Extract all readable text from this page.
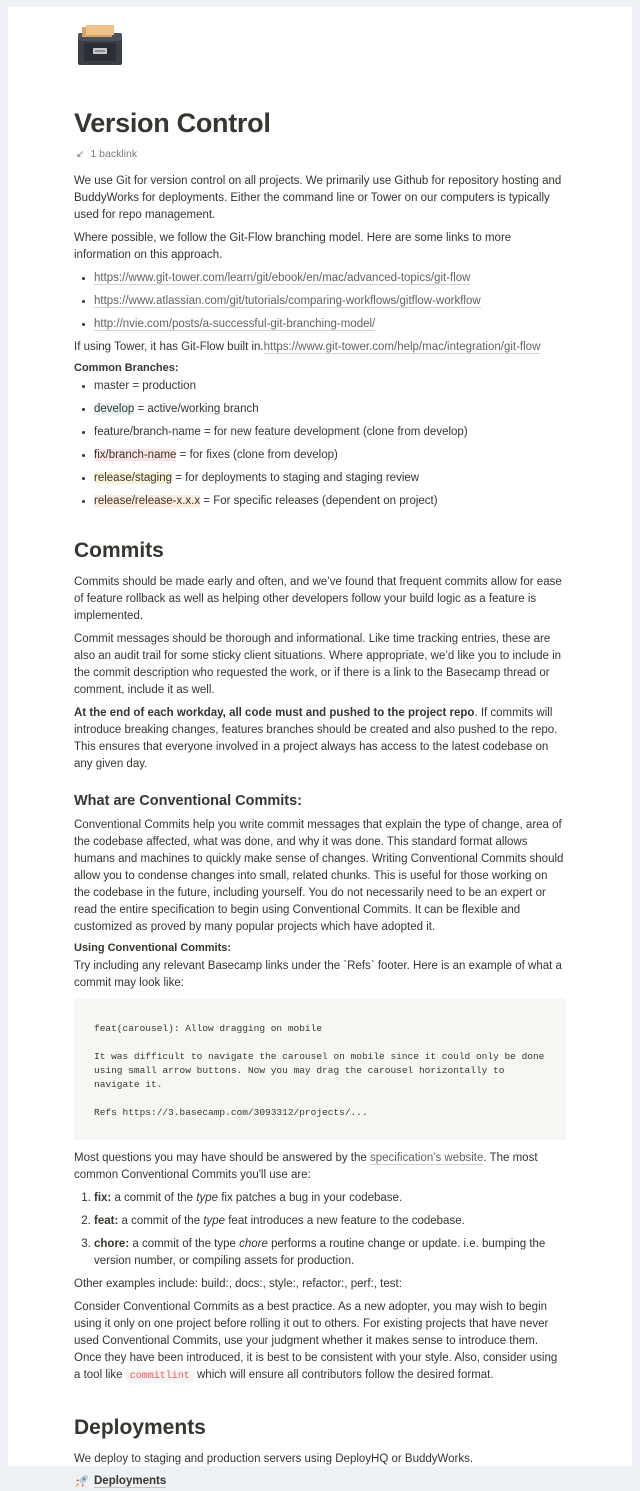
Version Control
↙ 1 backlink

We use Git for version control on all projects. We primarily use Github for repository hosting and BuddyWorks for deployments. Either the command line or Tower on our computers is typically used for repo management.

Where possible, we follow the Git-Flow branching model. Here are some links to more information on this approach.

• https://www.git-tower.com/learn/git/ebook/en/mac/advanced-topics/git-flow
• https://www.atlassian.com/git/tutorials/comparing-workflows/gitflow-workflow
• http://nvie.com/posts/a-successful-git-branching-model/

If using Tower, it has Git-Flow built in.https://www.git-tower.com/help/mac/integration/git-flow

Common Branches:
• master = production
• develop = active/working branch
• feature/branch-name = for new feature development (clone from develop)
• fix/branch-name = for fixes (clone from develop)
• release/staging = for deployments to staging and staging review
• release/release-x.x.x = For specific releases (dependent on project)
Commits

Commits should be made early and often, and we’ve found that frequent commits allow for ease of feature rollback as well as helping other developers follow your build logic as a feature is implemented.

Commit messages should be thorough and informational. Like time tracking entries, these are also an audit trail for some sticky client situations. Where appropriate, we’d like you to include in the commit description who requested the work, or if there is a link to the Basecamp thread or comment, include it as well.

At the end of each workday, all code must and pushed to the project repo. If commits will introduce breaking changes, features branches should be created and also pushed to the repo. This ensures that everyone involved in a project always has access to the latest codebase on any given day.

What are Conventional Commits:

Conventional Commits help you write commit messages that explain the type of change, area of the codebase affected, what was done, and why it was done. This standard format allows humans and machines to quickly make sense of changes. Writing Conventional Commits should allow you to condense changes into small, related chunks. This is useful for those working on the codebase in the future, including yourself. You do not necessarily need to be an expert or read the entire specification to begin using Conventional Commits. It can be flexible and customized as proved by many popular projects which have adopted it.

Using Conventional Commits:

Try including any relevant Basecamp links under the `Refs` footer. Here is an example of what a commit may look like:

feat(carousel): Allow dragging on mobile
It was difficult to navigate the carousel on mobile since it could only be done using small arrow buttons. Now you may drag the carousel horizontally to navigate it.
Refs https://3.basecamp.com/3093312/projects/...

Most questions you may have should be answered by the specification's website. The most common Conventional Commits you'll use are:

1. fix: a commit of the type fix patches a bug in your codebase.
2. feat: a commit of the type feat introduces a new feature to the codebase.
3. chore: a commit of the type chore performs a routine change or update. i.e. bumping the version number, or compiling assets for production.

Other examples include: build:, docs:, style:, refactor:, perf:, test:

Consider Conventional Commits as a best practice. As a new adopter, you may wish to begin using it only on one project before rolling it out to others. For existing projects that have never used Conventional Commits, use your judgment whether it makes sense to introduce them. Once they have been introduced, it is best to be consistent with your style. Also, consider using a tool like commitlint which will ensure all contributors follow the desired format.

Deployments

We deploy to staging and production servers using DeployHQ or BuddyWorks.

Deployments
